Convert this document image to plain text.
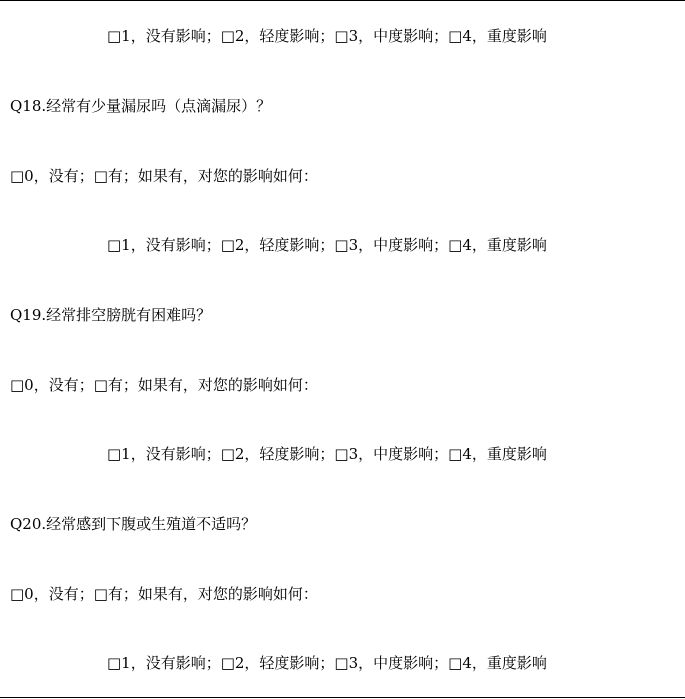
□1，没有影响；□2，轻度影响；□3，中度影响；□4，重度影响
Q18.经常有少量漏尿吗（点滴漏尿）？
□0，没有；□有；如果有，对您的影响如何：
□1，没有影响；□2，轻度影响；□3，中度影响；□4，重度影响
Q19.经常排空膀胱有困难吗？
□0，没有；□有；如果有，对您的影响如何：
□1，没有影响；□2，轻度影响；□3，中度影响；□4，重度影响
Q20.经常感到下腹或生殖道不适吗？
□0，没有；□有；如果有，对您的影响如何：
□1，没有影响；□2，轻度影响；□3，中度影响；□4，重度影响
